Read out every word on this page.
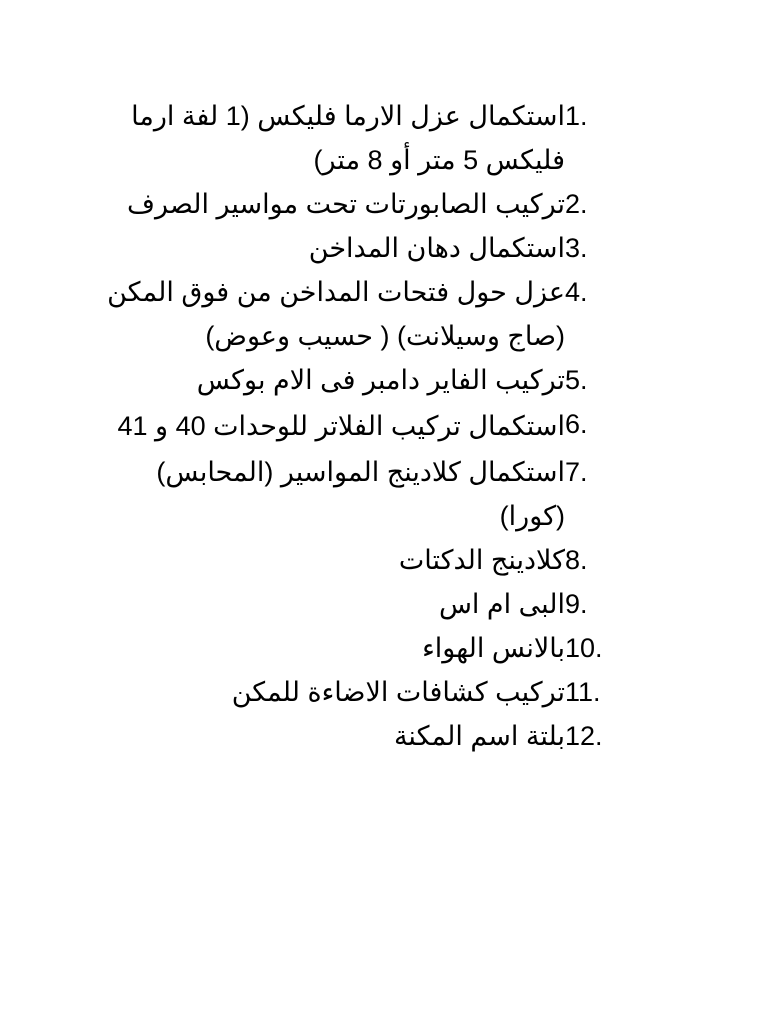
1.
استكمال عزل الارما فليكس (1 لفة ارما فليكس 5 متر أو 8 متر)
2.
تركيب الصابورتات تحت مواسير الصرف
3.
استكمال دهان المداخن
4.
عزل حول فتحات المداخن من فوق المكن (صاج وسيلانت) ( حسيب وعوض)
5.
تركيب الفاير دامبر فى الام بوكس
6.
استكمال تركيب الفلاتر للوحدات 40 و 41
7.
استكمال كلادينج المواسير (المحابس) (كورا)
8.
كلادينج الدكتات
9.
البى ام اس
10.
بالانس الهواء
11.
تركيب كشافات الاضاءة للمكن
12.
بلتة اسم المكنة
